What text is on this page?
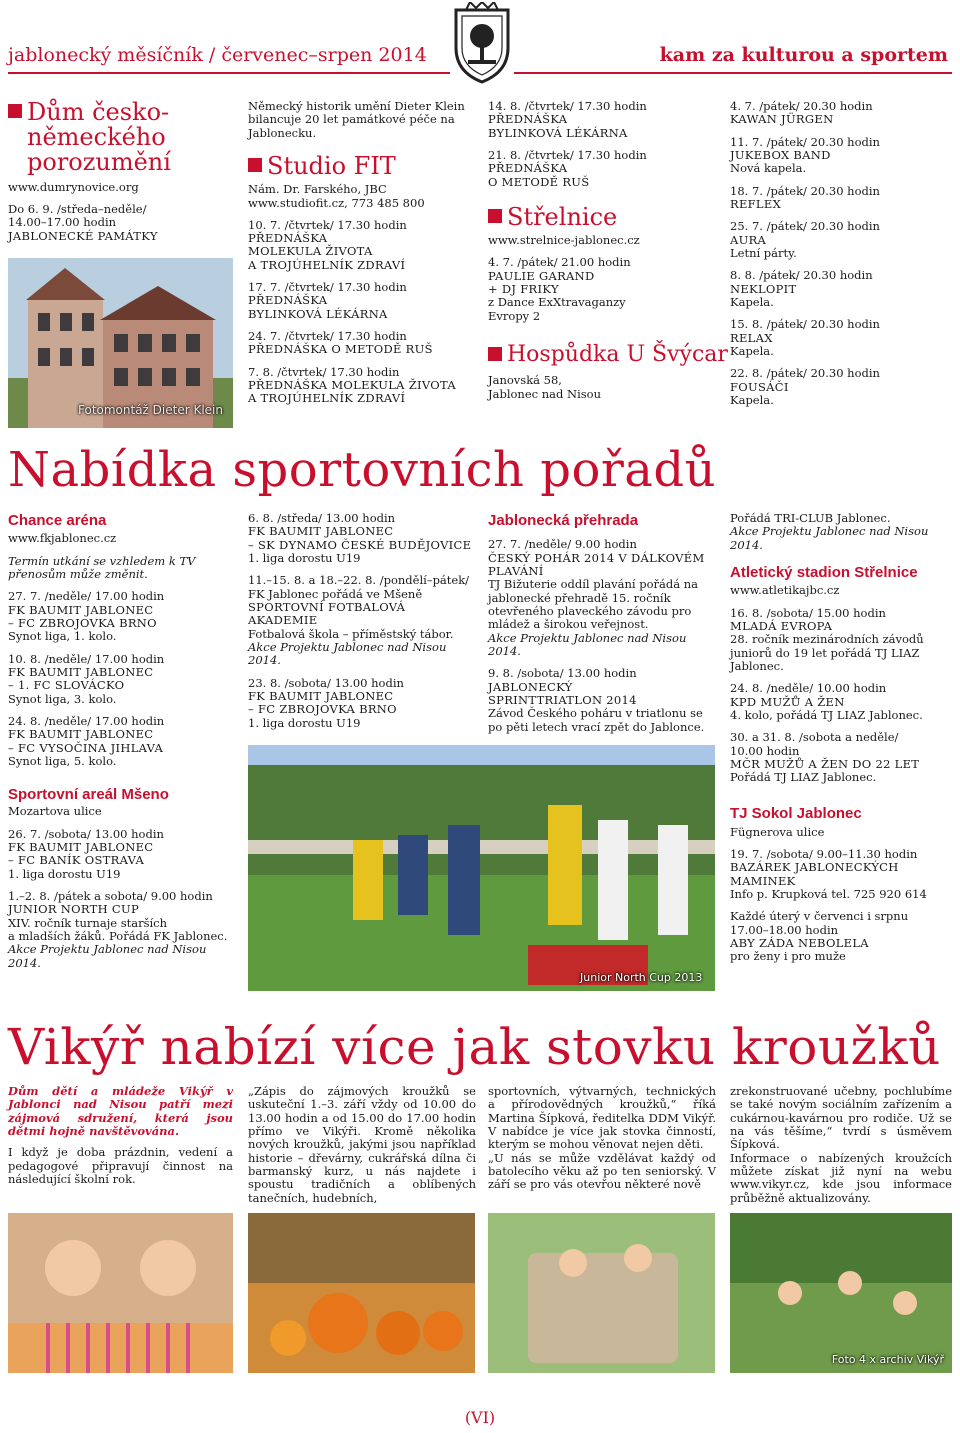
jablonecký měsíčník / červenec–srpen 2014	kam za kulturou a sportem
Dům česko-německého porozumění

www.dumrynovice.org

Do 6. 9. /středa–neděle/

14.00–17.00 hodin

JABLONECKÉ PAMÁTKY

Fotomontáž Dieter Klein

Německý historik umění Dieter Klein bilancuje 20 let památkové péče na Jablonecku.

Studio FIT

Nám. Dr. Farského, JBC

www.studiofit.cz, 773 485 800

10. 7. /čtvrtek/ 17.30 hodin

PŘEDNÁŠKA

MOLEKULA ŽIVOTA

A TROJÚHELNÍK ZDRAVÍ

17. 7. /čtvrtek/ 17.30 hodin

PŘEDNÁŠKA

BYLINKOVÁ LÉKÁRNA

24. 7. /čtvrtek/ 17.30 hodin

PŘEDNÁŠKA O METODĚ RUŠ

7. 8. /čtvrtek/ 17.30 hodin

PŘEDNÁŠKA MOLEKULA ŽIVOTA

A TROJÚHELNÍK ZDRAVÍ

14. 8. /čtvrtek/ 17.30 hodin

PŘEDNÁŠKA

BYLINKOVÁ LÉKÁRNA

21. 8. /čtvrtek/ 17.30 hodin

PŘEDNÁŠKA

O METODĚ RUŠ

Střelnice

www.strelnice-jablonec.cz

4. 7. /pátek/ 21.00 hodin

PAULIE GARAND

+ DJ FRIKY

z Dance ExXtravaganzy Evropy 2

Hospůdka U Švýcar

Janovská 58,

Jablonec nad Nisou

4. 7. /pátek/ 20.30 hodin

KAWAN JÜRGEN

11. 7. /pátek/ 20.30 hodin

JUKEBOX BAND

Nová kapela.

18. 7. /pátek/ 20.30 hodin

REFLEX

25. 7. /pátek/ 20.30 hodin

AURA

Letní párty.

8. 8. /pátek/ 20.30 hodin

NEKLOPIT

Kapela.

15. 8. /pátek/ 20.30 hodin

RELAX

Kapela.

22. 8. /pátek/ 20.30 hodin

FOUSÁČI

Kapela.

Nabídka sportovních pořadů

Chance aréna

www.fkjablonec.cz

Termín utkání se vzhledem k TV přenosům může změnit.

27. 7. /neděle/ 17.00 hodin

FK BAUMIT JABLONEC

– FC ZBROJOVKA BRNO

Synot liga, 1. kolo.

10. 8. /neděle/ 17.00 hodin

FK BAUMIT JABLONEC

– 1. FC SLOVÁCKO

Synot liga, 3. kolo.

24. 8. /neděle/ 17.00 hodin

FK BAUMIT JABLONEC

– FC VYSOČINA JIHLAVA

Synot liga, 5. kolo.

Sportovní areál Mšeno

Mozartova ulice

26. 7. /sobota/ 13.00 hodin

FK BAUMIT JABLONEC

– FC BANÍK OSTRAVA

1. liga dorostu U19

1.–2. 8. /pátek a sobota/ 9.00 hodin

JUNIOR NORTH CUP

XIV. ročník turnaje starších

a mladších žáků. Pořádá FK Jablonec.

Akce Projektu Jablonec nad Nisou 2014.

6. 8. /středa/ 13.00 hodin

FK BAUMIT JABLONEC

– SK DYNAMO ČESKÉ BUDĚJOVICE

1. liga dorostu U19

11.–15. 8. a 18.–22. 8. /pondělí–pátek/

FK Jablonec pořádá ve Mšeně

SPORTOVNÍ FOTBALOVÁ

AKADEMIE

Fotbalová škola – příměstský tábor.

Akce Projektu Jablonec nad Nisou 2014.

23. 8. /sobota/ 13.00 hodin

FK BAUMIT JABLONEC

– FC ZBROJOVKA BRNO

1. liga dorostu U19

Jablonecká přehrada

27. 7. /neděle/ 9.00 hodin

ČESKÝ POHÁR 2014 V DÁLKOVÉM

PLAVÁNÍ

TJ Bižuterie oddíl plavání pořádá na jablonecké přehradě 15. ročník otevřeného plaveckého závodu pro mládež a širokou veřejnost.

Akce Projektu Jablonec nad Nisou 2014.

9. 8. /sobota/ 13.00 hodin

JABLONECKÝ

SPRINTTRIATLON 2014

Závod Českého poháru v triatlonu se po pěti letech vrací zpět do Jablonce.

Pořádá TRI-CLUB Jablonec.

Akce Projektu Jablonec nad Nisou 2014.

Atletický stadion Střelnice

www.atletikajbc.cz

16. 8. /sobota/ 15.00 hodin

MLADÁ EVROPA

28. ročník mezinárodních závodů juniorů do 19 let pořádá TJ LIAZ Jablonec.

24. 8. /neděle/ 10.00 hodin

KPD MUŽŮ A ŽEN

4. kolo, pořádá TJ LIAZ Jablonec.

30. a 31. 8. /sobota a neděle/

10.00 hodin

MČR MUŽŮ A ŽEN DO 22 LET

Pořádá TJ LIAZ Jablonec.

TJ Sokol Jablonec

Fügnerova ulice

19. 7. /sobota/ 9.00–11.30 hodin

BAZÁREK JABLONECKÝCH

MAMINEK

Info p. Krupková tel. 725 920 614

Každé úterý v červenci i srpnu

17.00–18.00 hodin

ABY ZÁDA NEBOLELA

pro ženy i pro muže

Junior North Cup 2013
Vikýř nabízí více jak stovku kroužků

Dům dětí a mládeže Vikýř v Jablonci nad Nisou patří mezi zájmová sdružení, která jsou dětmi hojně navštěvována.

I když je doba prázdnin, vedení a pedagogové připravují činnost na následující školní rok.

„Zápis do zájmových kroužků se uskuteční 1.–3. září vždy od 10.00 do 13.00 hodin a od 15.00 do 17.00 hodin přímo ve Vikýři. Kromě několika nových kroužků, jakými jsou například historie – dřevárny, cukrářská dílna či barmanský kurz, u nás najdete i spoustu tradičních a oblíbených tanečních, hudebních,

sportovních, výtvarných, technických a přírodovědných kroužků,“ říká Martina Šípková, ředitelka DDM Vikýř. V nabídce je více jak stovka činností, kterým se mohou věnovat nejen děti.

„U nás se může vzdělávat každý od batolecího věku až po ten seniorský. V září se pro vás otevřou některé nově

zrekonstruované učebny, pochlubíme se také novým sociálním zařízením a cukárnou-kavárnou pro rodiče. Už se na vás těšíme,“ tvrdí s úsměvem Šípková.

Informace o nabízených kroužcích můžete získat již nyní na webu www.vikyr.cz, kde jsou informace průběžně aktualizovány.

Foto 4 x archiv Vikýř
(VI)
